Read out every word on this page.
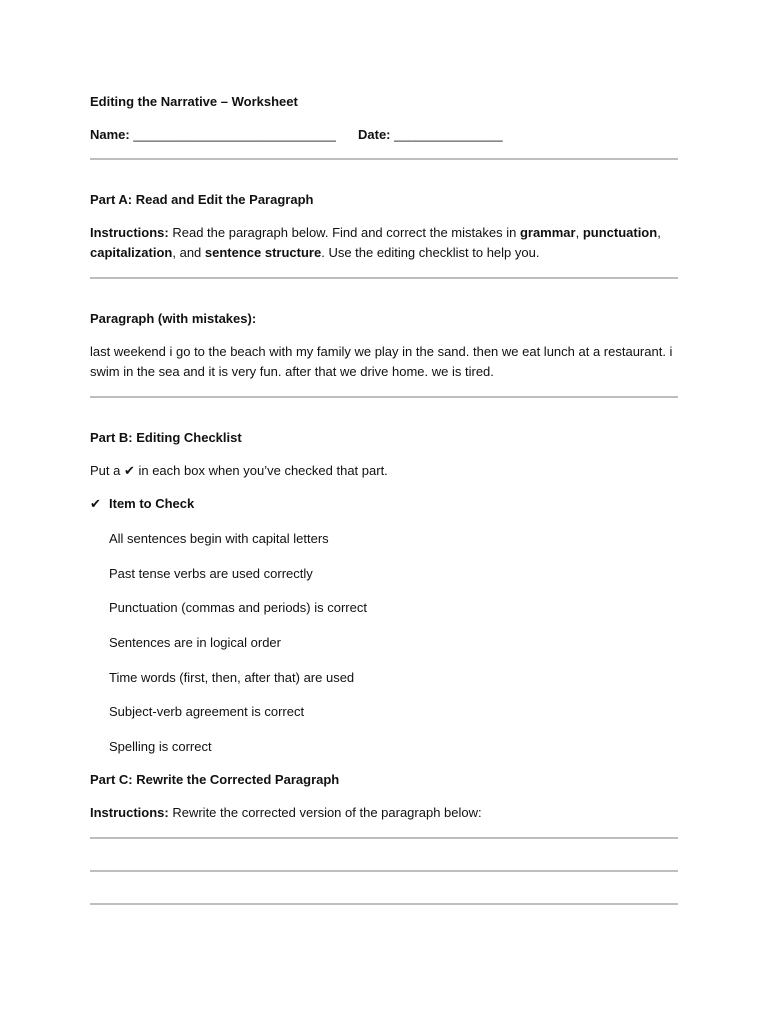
Editing the Narrative – Worksheet
Name: ____________________________ Date: _______________
Part A: Read and Edit the Paragraph
Instructions: Read the paragraph below. Find and correct the mistakes in grammar, punctuation,
capitalization, and sentence structure. Use the editing checklist to help you.
Paragraph (with mistakes):
last weekend i go to the beach with my family we play in the sand. then we eat lunch at a restaurant. i swim in the sea and it is very fun. after that we drive home. we is tired.
Part B: Editing Checklist
Put a ✔ in each box when you’ve checked that part.
✔ Item to Check
All sentences begin with capital letters
Past tense verbs are used correctly
Punctuation (commas and periods) is correct
Sentences are in logical order
Time words (first, then, after that) are used
Subject-verb agreement is correct
Spelling is correct
Part C: Rewrite the Corrected Paragraph
Instructions: Rewrite the corrected version of the paragraph below:
